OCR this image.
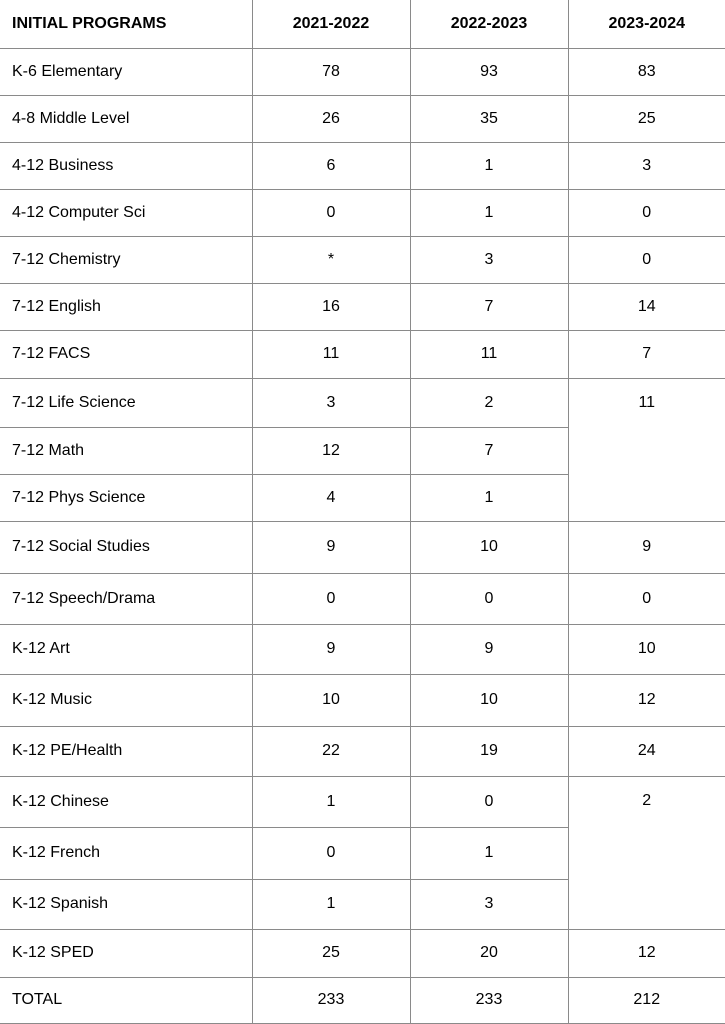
INITIAL PROGRAMS	2021-2022	2022-2023	2023-2024
K-6 Elementary	78	93	83
4-8 Middle Level	26	35	25
4-12 Business	6	1	3
4-12 Computer Sci	0	1	0
7-12 Chemistry	*	3	0
7-12 English	16	7	14
7-12 FACS	11	11	7
7-12 Life Science	3	2	11
7-12 Math	12	7	
7-12 Phys Science	4	1	
7-12 Social Studies	9	10	9
7-12 Speech/Drama	0	0	0
K-12 Art	9	9	10
K-12 Music	10	10	12
K-12 PE/Health	22	19	24
K-12 Chinese	1	0	2
K-12 French	0	1	
K-12 Spanish	1	3	
K-12 SPED	25	20	12
TOTAL	233	233	212
